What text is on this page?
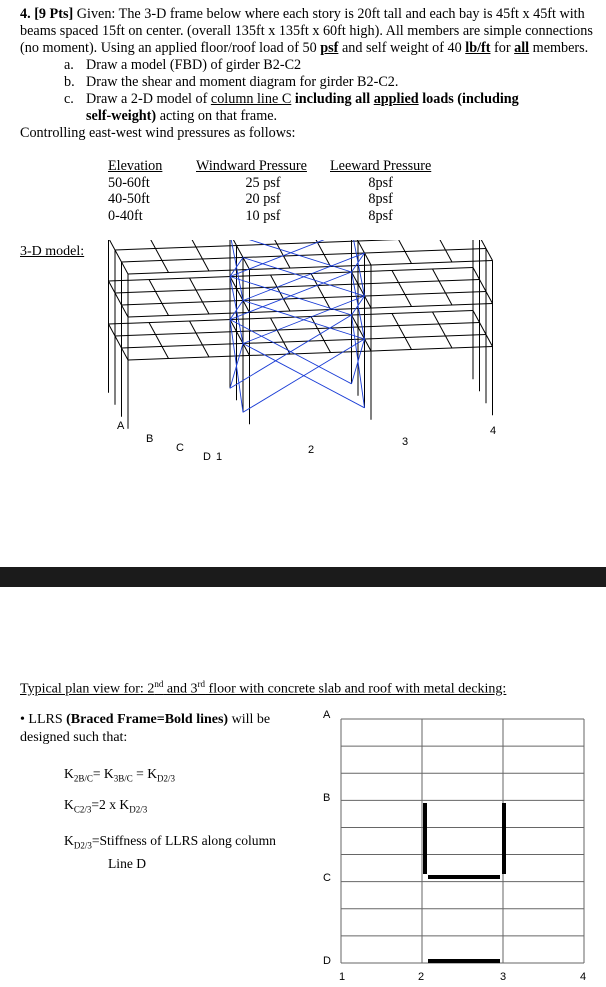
4. [9 Pts] Given: The 3-D frame below where each story is 20ft tall and each bay is 45ft x 45ft with beams spaced 15ft on center. (overall 135ft x 135ft x 60ft high). All members are simple connections (no moment). Using an applied floor/roof load of 50 psf and self weight of 40 lb/ft for all members.
a. Draw a model (FBD) of girder B2-C2
b. Draw the shear and moment diagram for girder B2-C2.
c. Draw a 2-D model of column line C including all applied loads (including
self-weight) acting on that frame.
Controlling east-west wind pressures as follows:
Elevation	Windward Pressure	Leeward Pressure
50-60ft	25 psf	8psf
40-50ft	20 psf	8psf
0-40ft	10 psf	8psf
3-D model:
A
B
C
D 1
2
3
4
Typical plan view for: 2nd and 3rd floor with concrete slab and roof with metal decking:
• LLRS (Braced Frame=Bold lines) will be designed such that:
$K_{2B/C}= K_{3B/C} = K_{D2/3}$
$K_{C2/3}=2$ x $K_{D2/3}$
$K_{D2/3}=Stiffness$ of LLRS along column
Line D
A
B
C
D
1	2	3	4
